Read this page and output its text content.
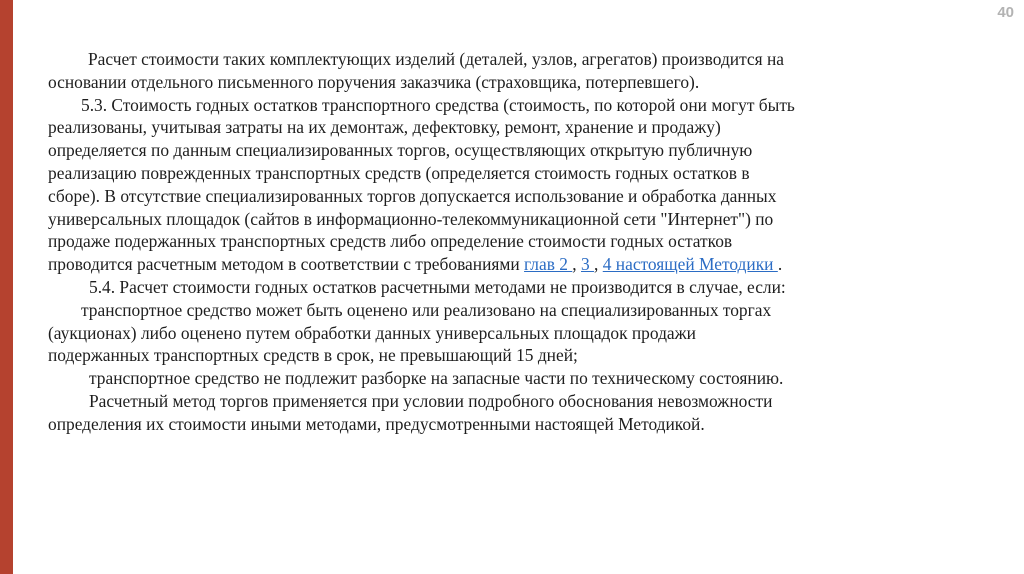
40
Расчет стоимости таких комплектующих изделий (деталей, узлов, агрегатов) производится на
основании отдельного письменного поручения заказчика (страховщика, потерпевшего).
5.3. Стоимость годных остатков транспортного средства (стоимость, по которой они могут быть
реализованы, учитывая затраты на их демонтаж, дефектовку, ремонт, хранение и продажу)
определяется по данным специализированных торгов, осуществляющих открытую публичную
реализацию поврежденных транспортных средств (определяется стоимость годных остатков в
сборе). В отсутствие специализированных торгов допускается использование и обработка данных
универсальных площадок (сайтов в информационно-телекоммуникационной сети "Интернет") по
продаже подержанных транспортных средств либо определение стоимости годных остатков
проводится расчетным методом в соответствии с требованиями глав 2 , 3 , 4 настоящей Методики .
5.4. Расчет стоимости годных остатков расчетными методами не производится в случае, если:
транспортное средство может быть оценено или реализовано на специализированных торгах
(аукционах) либо оценено путем обработки данных универсальных площадок продажи
подержанных транспортных средств в срок, не превышающий 15 дней;
транспортное средство не подлежит разборке на запасные части по техническому состоянию.
Расчетный метод торгов применяется при условии подробного обоснования невозможности
определения их стоимости иными методами, предусмотренными настоящей Методикой.
